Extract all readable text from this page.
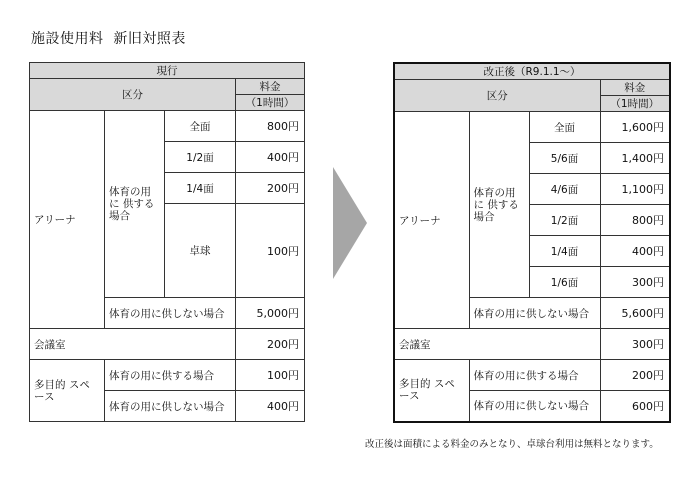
施設使用料  新旧対照表
現行			
区分			料金
			（1時間）
アリーナ	体育の用に 供する場合	全面	800円
		1/2面	400円
		1/4面	200円
		卓球	100円
	体育の用に供しない場合		5,000円
会議室			200円
多目的 スペース	体育の用に供する場合		100円
	体育の用に供しない場合		400円
改正後（R9.1.1～）			
区分			料金
			（1時間）
アリーナ	体育の用に 供する場合	全面	1,600円
		5/6面	1,400円
		4/6面	1,100円
		1/2面	800円
		1/4面	400円
		1/6面	300円
	体育の用に供しない場合		5,600円
会議室			300円
多目的 スペース	体育の用に供する場合		200円
	体育の用に供しない場合		600円
改正後は面積による料金のみとなり、卓球台利用は無料となります。
